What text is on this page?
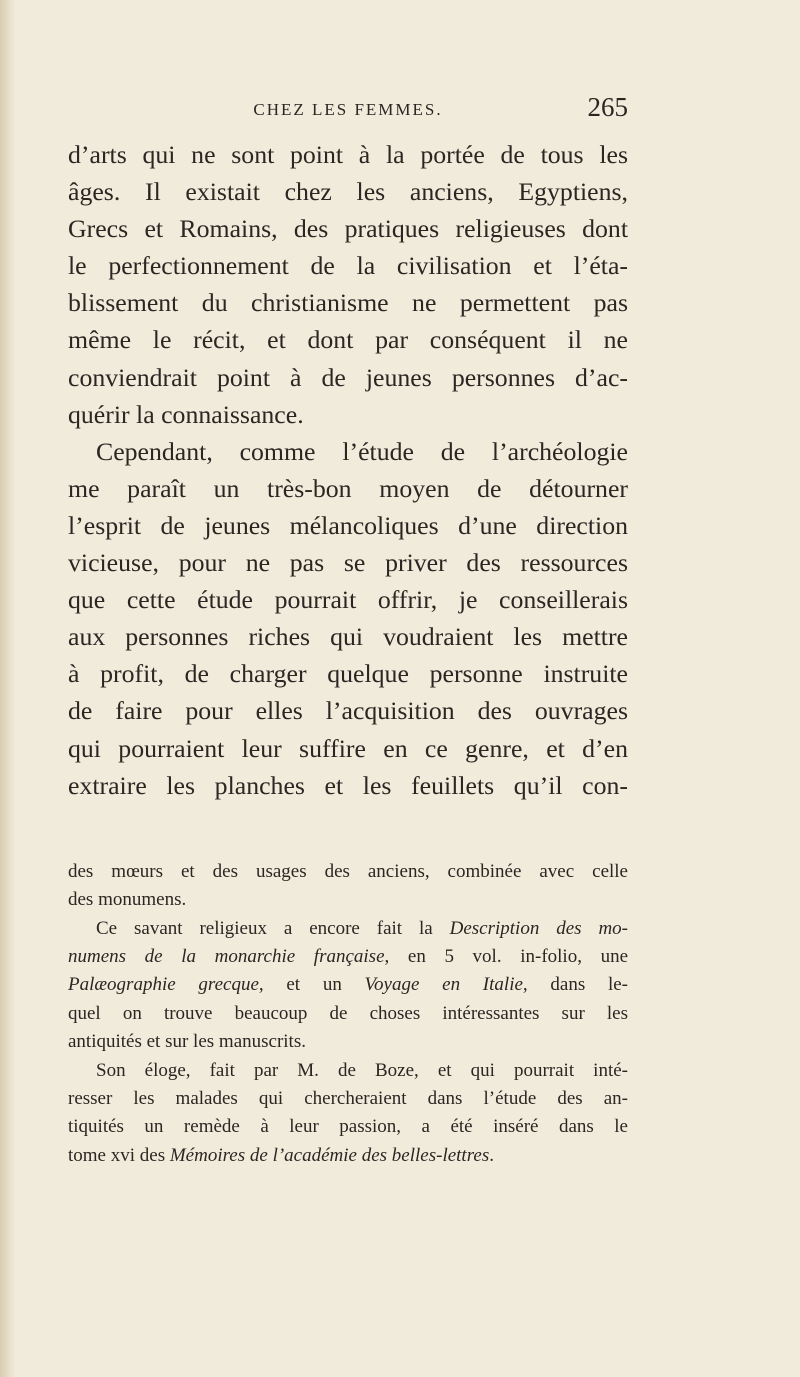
CHEZ LES FEMMES.	265

d’arts qui ne sont point à la portée de tous les
âges. Il existait chez les anciens, Egyptiens,
Grecs et Romains, des pratiques religieuses dont
le perfectionnement de la civilisation et l’éta-
blissement du christianisme ne permettent pas
même le récit, et dont par conséquent il ne
conviendrait point à de jeunes personnes d’ac-
quérir la connaissance.

Cependant, comme l’étude de l’archéologie
me paraît un très-bon moyen de détourner
l’esprit de jeunes mélancoliques d’une direction
vicieuse, pour ne pas se priver des ressources
que cette étude pourrait offrir, je conseillerais
aux personnes riches qui voudraient les mettre
à profit, de charger quelque personne instruite
de faire pour elles l’acquisition des ouvrages
qui pourraient leur suffire en ce genre, et d’en
extraire les planches et les feuillets qu’il con-

des mœurs et des usages des anciens, combinée avec celle
des monumens.

Ce savant religieux a encore fait la Description des mo-
numens de la monarchie française, en 5 vol. in-folio, une
Palæographie grecque, et un Voyage en Italie, dans le-
quel on trouve beaucoup de choses intéressantes sur les
antiquités et sur les manuscrits.

Son éloge, fait par M. de Boze, et qui pourrait inté-
resser les malades qui chercheraient dans l’étude des an-
tiquités un remède à leur passion, a été inséré dans le
tome xvi des Mémoires de l’académie des belles-lettres.
